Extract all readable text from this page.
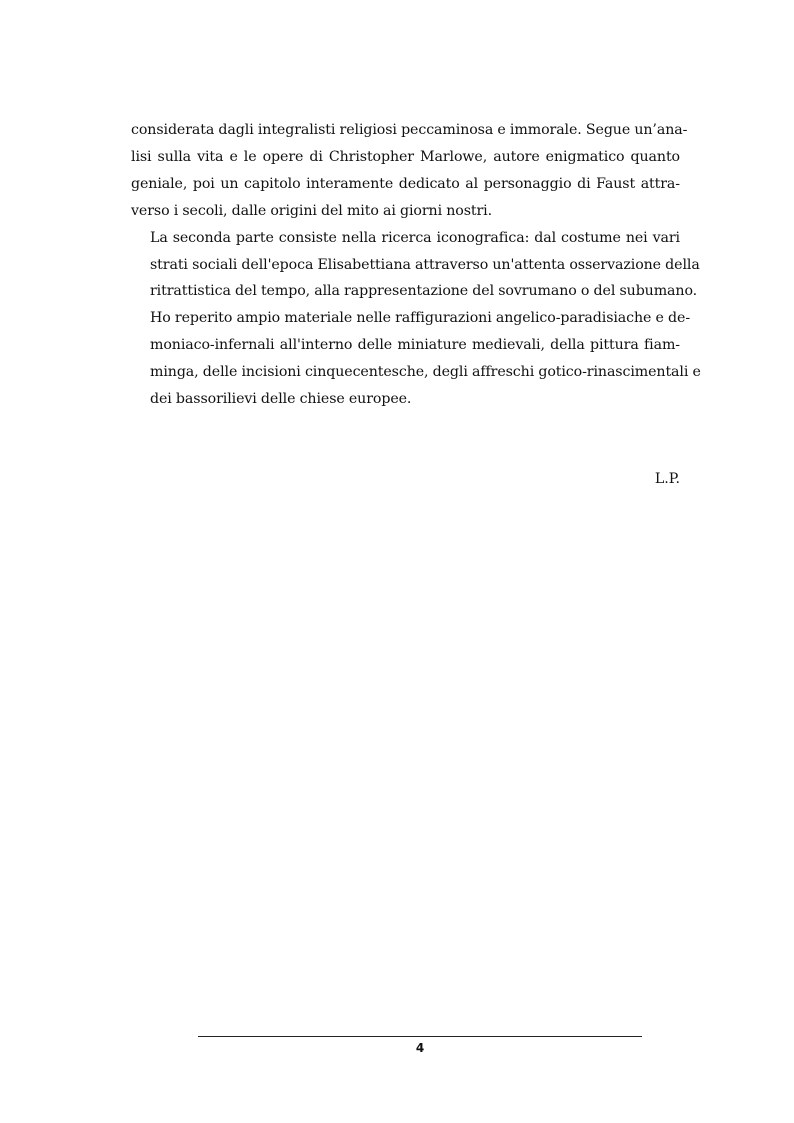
considerata dagli integralisti religiosi peccaminosa e immorale. Segue un’ana-
lisi sulla vita e le opere di Christopher Marlowe, autore enigmatico quanto
geniale, poi un capitolo interamente dedicato al personaggio di Faust attra-
verso i secoli, dalle origini del mito ai giorni nostri.

La seconda parte consiste nella ricerca iconografica: dal costume nei vari
strati sociali dell'epoca Elisabettiana attraverso un'attenta osservazione della
ritrattistica del tempo, alla rappresentazione del sovrumano o del subumano.
Ho reperito ampio materiale nelle raffigurazioni angelico-paradisiache e de-
moniaco-infernali all'interno delle miniature medievali, della pittura fiam-
minga, delle incisioni cinquecentesche, degli affreschi gotico-rinascimentali e
dei bassorilievi delle chiese europee.

L.P.

4
